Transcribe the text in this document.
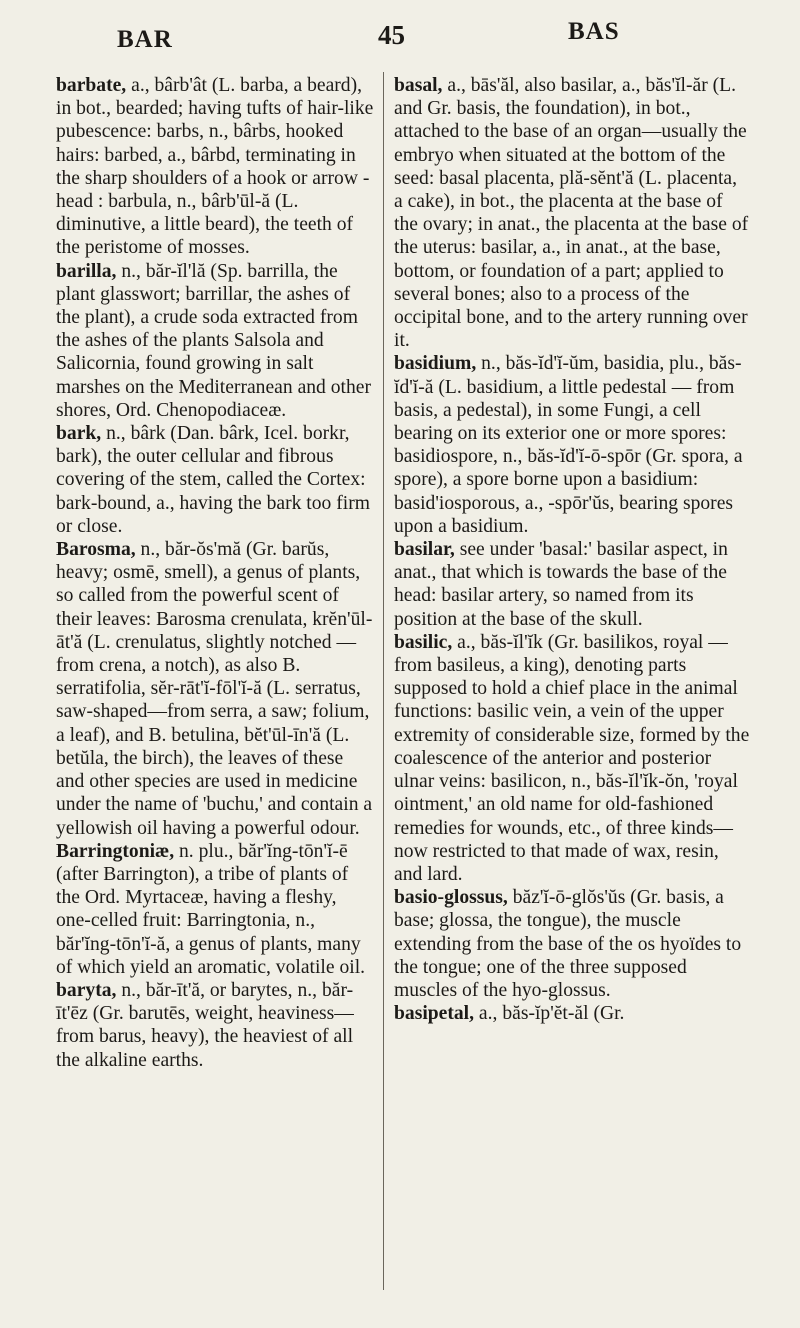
BAR	45	BAS

barbate, a., bârb'ât (L. barba, a beard), in bot., bearded; having tufts of hair-like pubescence: barbs, n., bârbs, hooked hairs: barbed, a., bârbd, terminating in the sharp shoulders of a hook or arrow - head : barbula, n., bârb'ūl-ă (L. diminutive, a little beard), the teeth of the peristome of mosses.

barilla, n., băr-ĭl'lă (Sp. barrilla, the plant glasswort; barrillar, the ashes of the plant), a crude soda extracted from the ashes of the plants Salsola and Salicornia, found growing in salt marshes on the Mediterranean and other shores, Ord. Chenopodiaceæ.

bark, n., bârk (Dan. bârk, Icel. borkr, bark), the outer cellular and fibrous covering of the stem, called the Cortex: bark-bound, a., having the bark too firm or close.

Barosma, n., băr-ŏs'mă (Gr. barŭs, heavy; osmē, smell), a genus of plants, so called from the powerful scent of their leaves: Barosma crenulata, krĕn'ūl-āt'ă (L. crenulatus, slightly notched —from crena, a notch), as also B. serratifolia, sĕr-rāt'ĭ-fōl'ĭ-ă (L. serratus, saw-shaped—from serra, a saw; folium, a leaf), and B. betulina, bĕt'ūl-īn'ă (L. betŭla, the birch), the leaves of these and other species are used in medicine under the name of 'buchu,' and contain a yellowish oil having a powerful odour.

Barringtoniæ, n. plu., băr'ĭng-tōn'ĭ-ē (after Barrington), a tribe of plants of the Ord. Myrtaceæ, having a fleshy, one-celled fruit: Barringtonia, n., băr'ĭng-tōn'ĭ-ă, a genus of plants, many of which yield an aromatic, volatile oil.

baryta, n., băr-īt'ă, or barytes, n., băr-īt'ēz (Gr. barutēs, weight, heaviness—from barus, heavy), the heaviest of all the alkaline earths.

basal, a., bās'ăl, also basilar, a., băs'ĭl-ăr (L. and Gr. basis, the foundation), in bot., attached to the base of an organ—usually the embryo when situated at the bottom of the seed: basal placenta, plă-sĕnt'ă (L. placenta, a cake), in bot., the placenta at the base of the ovary; in anat., the placenta at the base of the uterus: basilar, a., in anat., at the base, bottom, or foundation of a part; applied to several bones; also to a process of the occipital bone, and to the artery running over it.

basidium, n., băs-ĭd'ĭ-ŭm, basidia, plu., băs-ĭd'ĭ-ă (L. basidium, a little pedestal — from basis, a pedestal), in some Fungi, a cell bearing on its exterior one or more spores: basidiospore, n., băs-ĭd'ĭ-ō-spōr (Gr. spora, a spore), a spore borne upon a basidium: basid'iosporous, a., -spōr'ŭs, bearing spores upon a basidium.

basilar, see under 'basal:' basilar aspect, in anat., that which is towards the base of the head: basilar artery, so named from its position at the base of the skull.

basilic, a., băs-ĭl'ĭk (Gr. basilikos, royal — from basileus, a king), denoting parts supposed to hold a chief place in the animal functions: basilic vein, a vein of the upper extremity of considerable size, formed by the coalescence of the anterior and posterior ulnar veins: basilicon, n., băs-ĭl'ĭk-ŏn, 'royal ointment,' an old name for old-fashioned remedies for wounds, etc., of three kinds—now restricted to that made of wax, resin, and lard.

basio-glossus, băz'ĭ-ō-glŏs'ŭs (Gr. basis, a base; glossa, the tongue), the muscle extending from the base of the os hyoïdes to the tongue; one of the three supposed muscles of the hyo-glossus.

basipetal, a., băs-ĭp'ĕt-ăl (Gr.
